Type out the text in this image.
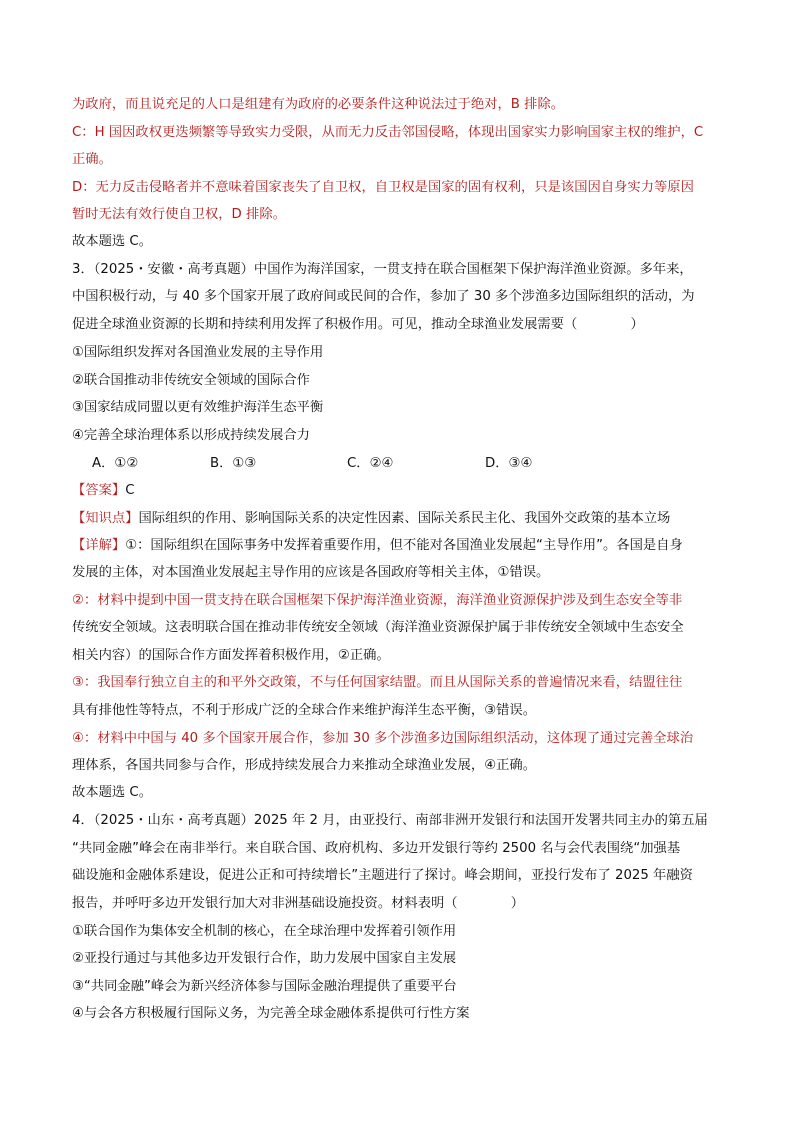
为政府，而且说充足的人口是组建有为政府的必要条件这种说法过于绝对，B 排除。
C：H 国因政权更迭频繁等导致实力受限，从而无力反击邻国侵略，体现出国家实力影响国家主权的维护，C
正确。
D：无力反击侵略者并不意味着国家丧失了自卫权，自卫权是国家的固有权利，只是该国因自身实力等原因
暂时无法有效行使自卫权，D 排除。
故本题选 C。
3．（2025・安徽・高考真题）中国作为海洋国家，一贯支持在联合国框架下保护海洋渔业资源。多年来，
中国积极行动，与 40 多个国家开展了政府间或民间的合作，参加了 30 多个涉渔多边国际组织的活动，为
促进全球渔业资源的长期和持续利用发挥了积极作用。可见，推动全球渔业发展需要（　　　　）
①国际组织发挥对各国渔业发展的主导作用
②联合国推动非传统安全领域的国际合作
③国家结成同盟以更有效维护海洋生态平衡
④完善全球治理体系以形成持续发展合力
A．①②	B．①③	C．②④	D．③④
【答案】C
【知识点】国际组织的作用、影响国际关系的决定性因素、国际关系民主化、我国外交政策的基本立场
【详解】①：国际组织在国际事务中发挥着重要作用，但不能对各国渔业发展起“主导作用”。各国是自身
发展的主体，对本国渔业发展起主导作用的应该是各国政府等相关主体，①错误。
②：材料中提到中国一贯支持在联合国框架下保护海洋渔业资源，海洋渔业资源保护涉及到生态安全等非
传统安全领域。这表明联合国在推动非传统安全领域（海洋渔业资源保护属于非传统安全领域中生态安全
相关内容）的国际合作方面发挥着积极作用，②正确。
③：我国奉行独立自主的和平外交政策，不与任何国家结盟。而且从国际关系的普遍情况来看，结盟往往
具有排他性等特点，不利于形成广泛的全球合作来维护海洋生态平衡，③错误。
④：材料中中国与 40 多个国家开展合作，参加 30 多个涉渔多边国际组织活动，这体现了通过完善全球治
理体系，各国共同参与合作，形成持续发展合力来推动全球渔业发展，④正确。
故本题选 C。
4．（2025・山东・高考真题）2025 年 2 月，由亚投行、南部非洲开发银行和法国开发署共同主办的第五届
“共同金融”峰会在南非举行。来自联合国、政府机构、多边开发银行等约 2500 名与会代表围绕“加强基
础设施和金融体系建设，促进公正和可持续增长”主题进行了探讨。峰会期间，亚投行发布了 2025 年融资
报告，并呼吁多边开发银行加大对非洲基础设施投资。材料表明（　　　　）
①联合国作为集体安全机制的核心，在全球治理中发挥着引领作用
②亚投行通过与其他多边开发银行合作，助力发展中国家自主发展
③“共同金融”峰会为新兴经济体参与国际金融治理提供了重要平台
④与会各方积极履行国际义务，为完善全球金融体系提供可行性方案
